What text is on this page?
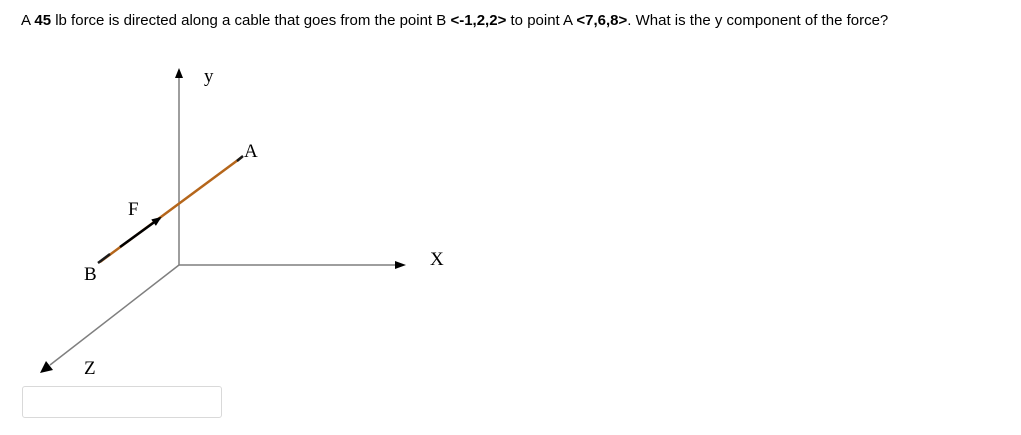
A 45 lb force is directed along a cable that goes from the point B <-1,2,2> to point A <7,6,8>. What is the y component of the force?
y
X
Z
A
B
F
